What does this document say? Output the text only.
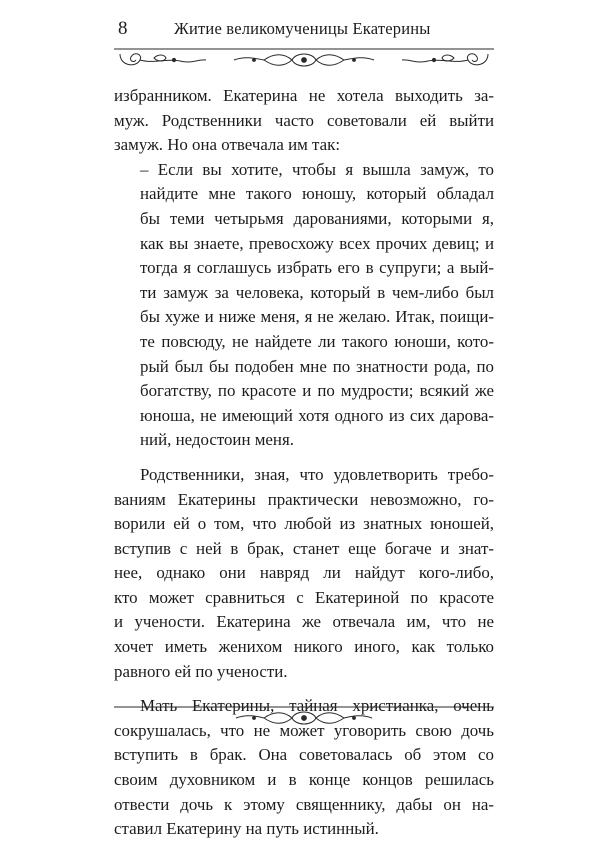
8	Житие великомученицы Екатерины
избранником. Екатерина не хотела выходить за-
муж. Родственники часто советовали ей выйти
замуж. Но она отвечала им так:
– Если вы хотите, чтобы я вышла замуж, то
найдите мне такого юношу, который обладал
бы теми четырьмя дарованиями, которыми я,
как вы знаете, превосхожу всех прочих девиц; и
тогда я соглашусь избрать его в супруги; а вый-
ти замуж за человека, который в чем-либо был
бы хуже и ниже меня, я не желаю. Итак, поищи-
те повсюду, не найдете ли такого юноши, кото-
рый был бы подобен мне по знатности рода, по
богатству, по красоте и по мудрости; всякий же
юноша, не имеющий хотя одного из сих дарова-
ний, недостоин меня.
Родственники, зная, что удовлетворить требо-
ваниям Екатерины практически невозможно, го-
ворили ей о том, что любой из знатных юношей,
вступив с ней в брак, станет еще богаче и знат-
нее, однако они навряд ли найдут кого-либо,
кто может сравниться с Екатериной по красоте
и учености. Екатерина же отвечала им, что не
хочет иметь женихом никого иного, как только
равного ей по учености.
Мать Екатерины, тайная христианка, очень
сокрушалась, что не может уговорить свою дочь
вступить в брак. Она советовалась об этом со
своим духовником и в конце концов решилась
отвести дочь к этому священнику, дабы он на-
ставил Екатерину на путь истинный.
